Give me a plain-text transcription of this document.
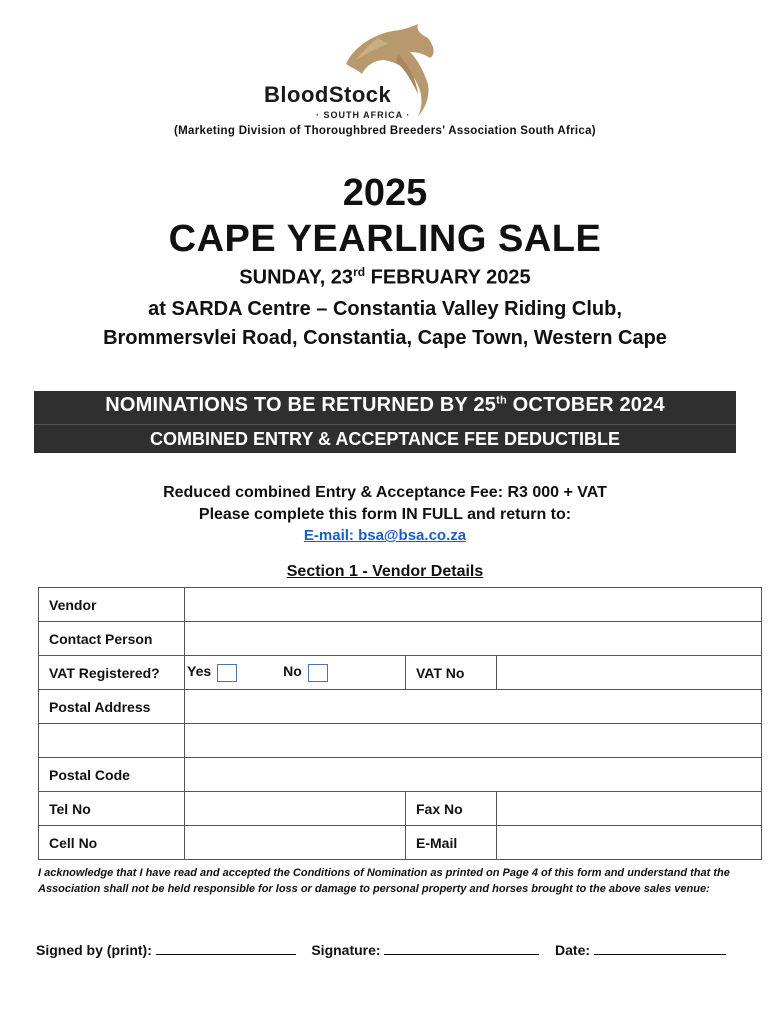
BloodStock
· SOUTH AFRICA ·
(Marketing Division of Thoroughbred Breeders' Association South Africa)
2025
CAPE YEARLING SALE
SUNDAY, 23rd FEBRUARY 2025
at SARDA Centre – Constantia Valley Riding Club,
Brommersvlei Road, Constantia, Cape Town, Western Cape
NOMINATIONS TO BE RETURNED BY 25th OCTOBER 2024
COMBINED ENTRY & ACCEPTANCE FEE DEDUCTIBLE
Reduced combined Entry & Acceptance Fee: R3 000 + VAT
Please complete this form IN FULL and return to:
E-mail: bsa@bsa.co.za
Section 1 - Vendor Details
Vendor			
Contact Person			
VAT Registered?	Yes No	VAT No	
Postal Address			

Postal Code			
Tel No		Fax No	
Cell No		E-Mail	
I acknowledge that I have read and accepted the Conditions of Nomination as printed on Page 4 of this form and understand that the Association shall not be held responsible for loss or damage to personal property and horses brought to the above sales venue:
Signed by (print):	Signature:	Date:
